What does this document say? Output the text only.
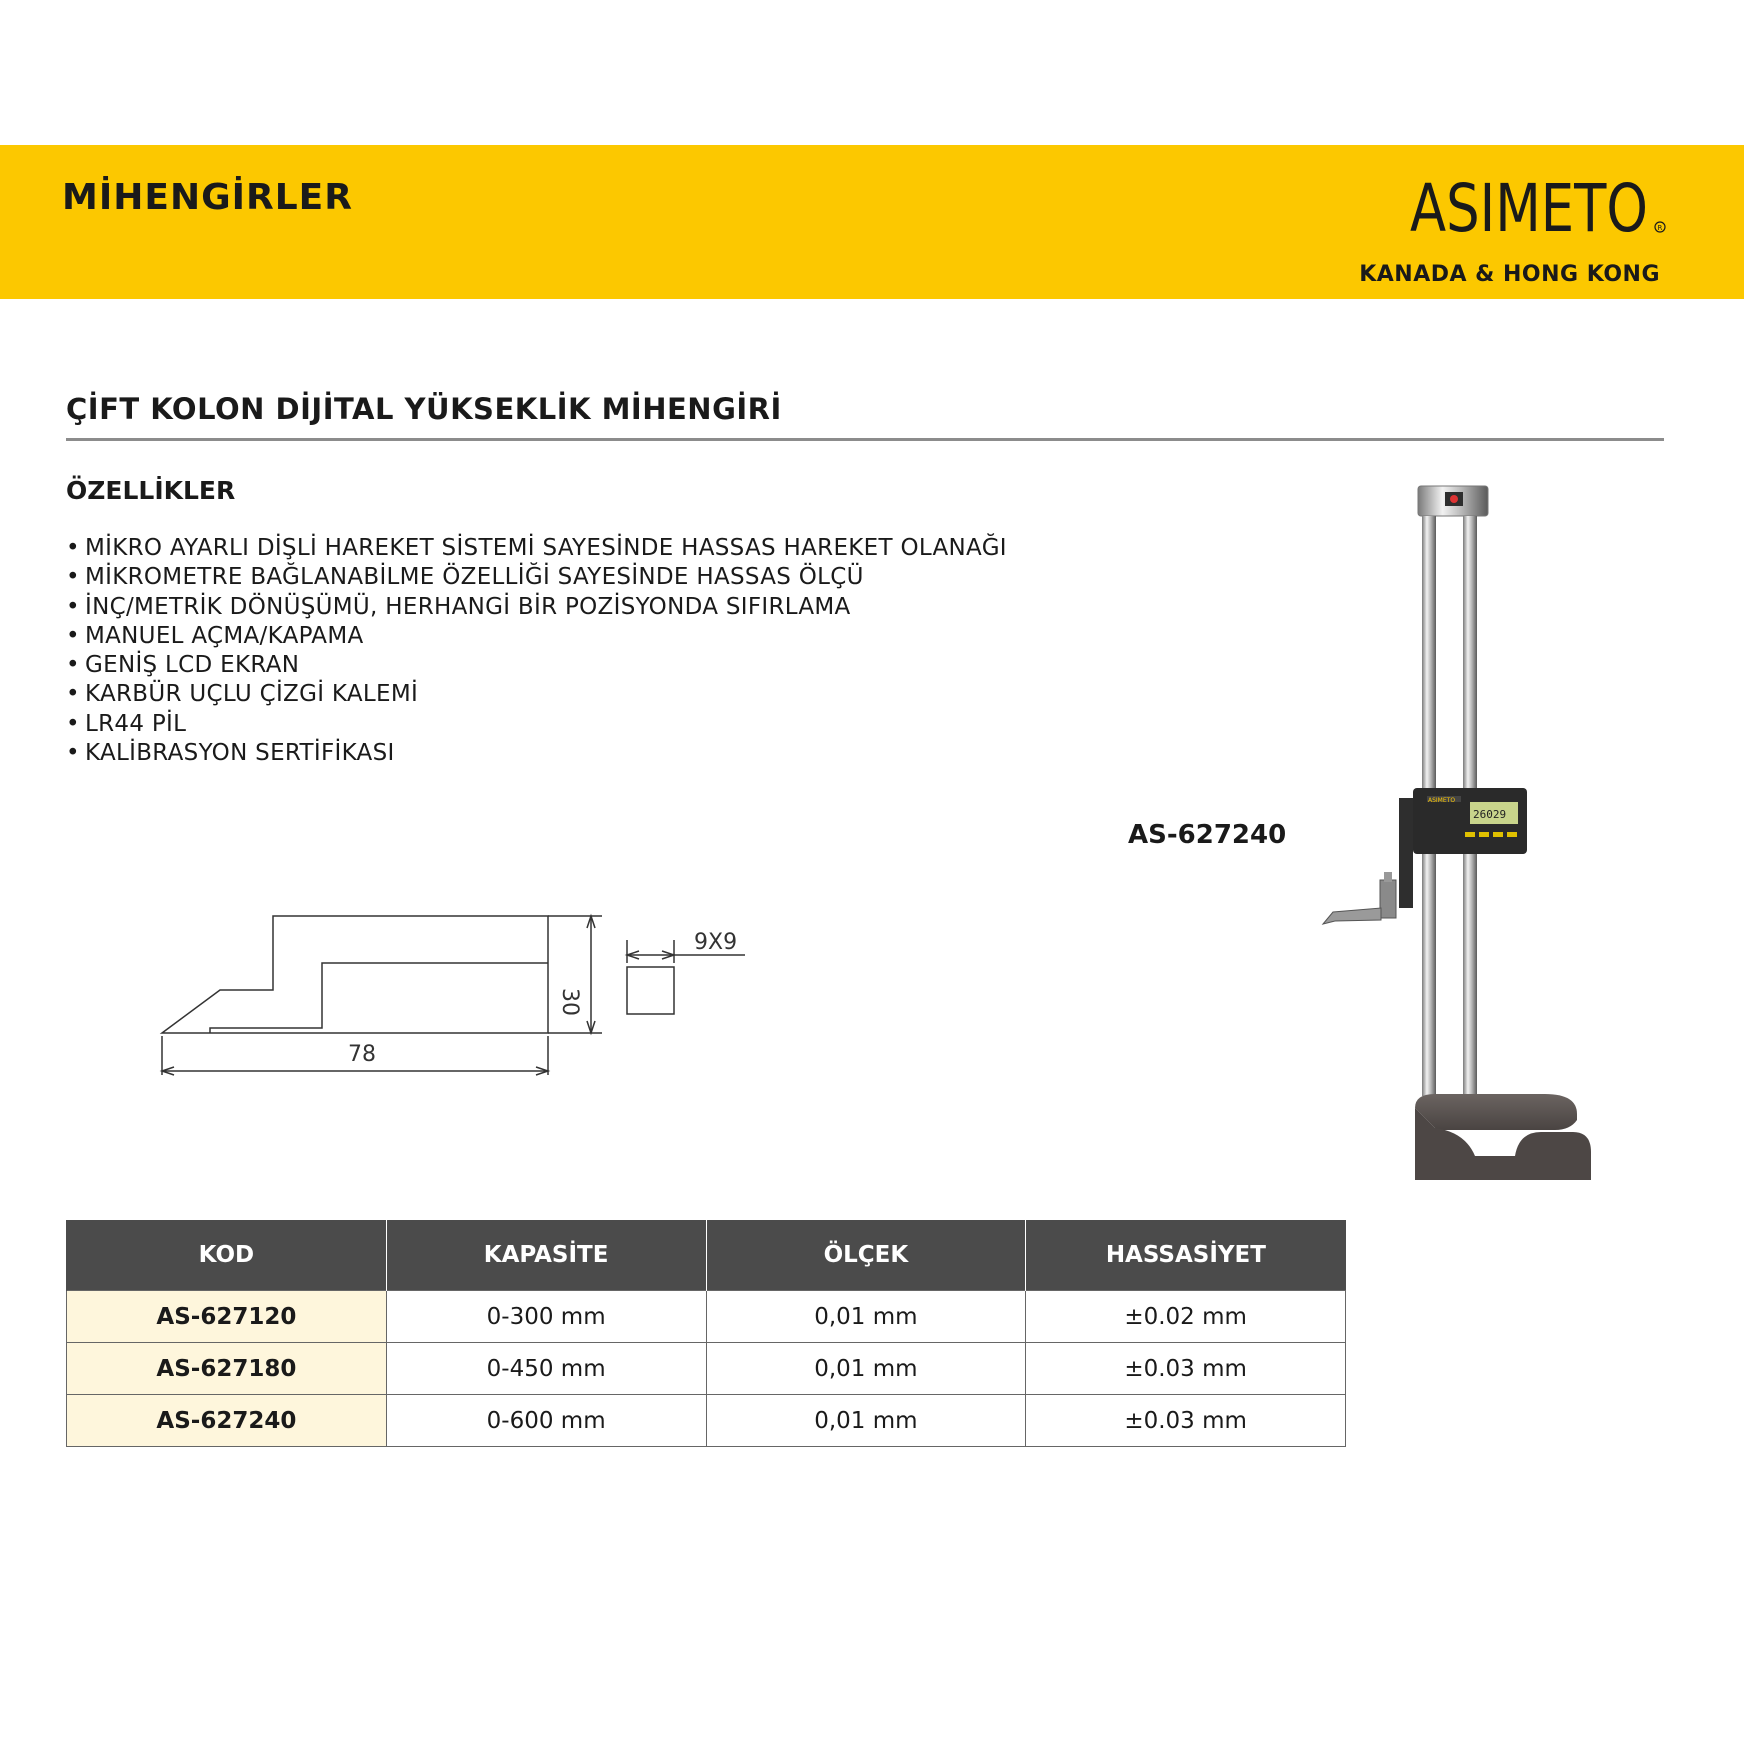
MİHENGİRLER	ASIMETO R

KANADA & HONG KONG

ÇİFT KOLON DİJİTAL YÜKSEKLİK MİHENGİRİ
ÖZELLİKLER
• MİKRO AYARLI DİŞLİ HAREKET SİSTEMİ SAYESİNDE HASSAS HAREKET OLANAĞI
• MİKROMETRE BAĞLANABİLME ÖZELLİĞİ SAYESİNDE HASSAS ÖLÇÜ
• İNÇ/METRİK DÖNÜŞÜMÜ, HERHANGİ BİR POZİSYONDA SIFIRLAMA
• MANUEL AÇMA/KAPAMA
• GENİŞ LCD EKRAN
• KARBÜR UÇLU ÇİZGİ KALEMİ
• LR44 PİL
• KALİBRASYON SERTİFİKASI

AS-627240

78
30
9X9
26029
ASIMETO
KOD	KAPASİTE	ÖLÇEK	HASSASİYET
AS-627120	0-300 mm	0,01 mm	±0.02 mm
AS-627180	0-450 mm	0,01 mm	±0.03 mm
AS-627240	0-600 mm	0,01 mm	±0.03 mm
